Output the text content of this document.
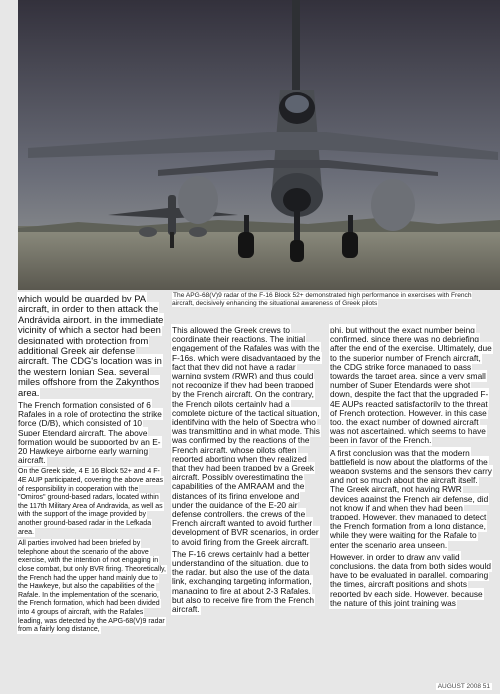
The APG-68(V)9 radar of the F-16 Block 52+ demonstrated high performance in exercises with French aircraft, decisively enhancing the situational awareness of Greek pilots

which would be guarded by PA aircraft, in order to then attack the Andrávida airport, in the immediate vicinity of which a sector had been designated with protection from additional Greek air defense aircraft. The CDG's location was in the western Ionian Sea, several miles offshore from the Zakynthos area.

The French formation consisted of 6 Rafales in a role of protecting the strike force (D/B), which consisted of 10 Super Etendard aircraft. The above formation would be supported by an E-20 Hawkeye airborne early warning aircraft.

On the Greek side, 4 E 16 Block 52+ and 4 F-4E AUP participated, covering the above areas of responsibility in cooperation with the "Omiros" ground-based radars, located within the 117th Military Area of Andravida, as well as with the support of the image provided by another ground-based radar in the Lefkada area.

All parties involved had been briefed by telephone about the scenario of the above exercise, with the intention of not engaging in close combat, but only BVR firing. Theoretically, the French had the upper hand mainly due to the Hawkeye, but also the capabilities of the Rafale. In the implementation of the scenario, the French formation, which had been divided into 4 groups of aircraft, with the Rafales leading, was detected by the APG-68(V)9 radar from a fairly long distance,

This allowed the Greek crews to coordinate their reactions. The initial engagement of the Rafales was with the F-16s, which were disadvantaged by the fact that they did not have a radar warning system (RWR) and thus could not recognize if they had been trapped by the French aircraft. On the contrary, the French pilots certainly had a complete picture of the tactical situation, identifying with the help of Spectra who was transmitting and in what mode. This was confirmed by the reactions of the French aircraft, whose pilots often reported aborting when they realized that they had been trapped by a Greek aircraft. Possibly overestimating the capabilities of the AMRAAM and the distances of its firing envelope and under the guidance of the E-20 air defense controllers, the crews of the French aircraft wanted to avoid further development of BVR scenarios, in order to avoid firing from the Greek aircraft.

The F-16 crews certainly had a better understanding of the situation, due to the radar, but also the use of the data link, exchanging targeting information, managing to fire at about 2-3 Rafales, but also to receive fire from the French aircraft.

phi, but without the exact number being confirmed, since there was no debriefing after the end of the exercise. Ultimately, due to the superior number of French aircraft, the CDG strike force managed to pass towards the target area, since a very small number of Super Etendards were shot down, despite the fact that the upgraded F-4E AUPs reacted satisfactorily to the threat of French protection. However, in this case too, the exact number of downed aircraft was not ascertained, which seems to have been in favor of the French.

A first conclusion was that the modern battlefield is now about the platforms of the weapon systems and the sensors they carry and not so much about the aircraft itself. The Greek aircraft, not having RWR devices against the French air defense, did not know if and when they had been trapped. However, they managed to detect the French formation from a long distance, while they were waiting for the Rafale to enter the scenario area unseen.

However, in order to draw any valid conclusions, the data from both sides would have to be evaluated in parallel, comparing the times, aircraft positions and shots reported by each side. However, because the nature of this joint training was

AUGUST 2008 51
